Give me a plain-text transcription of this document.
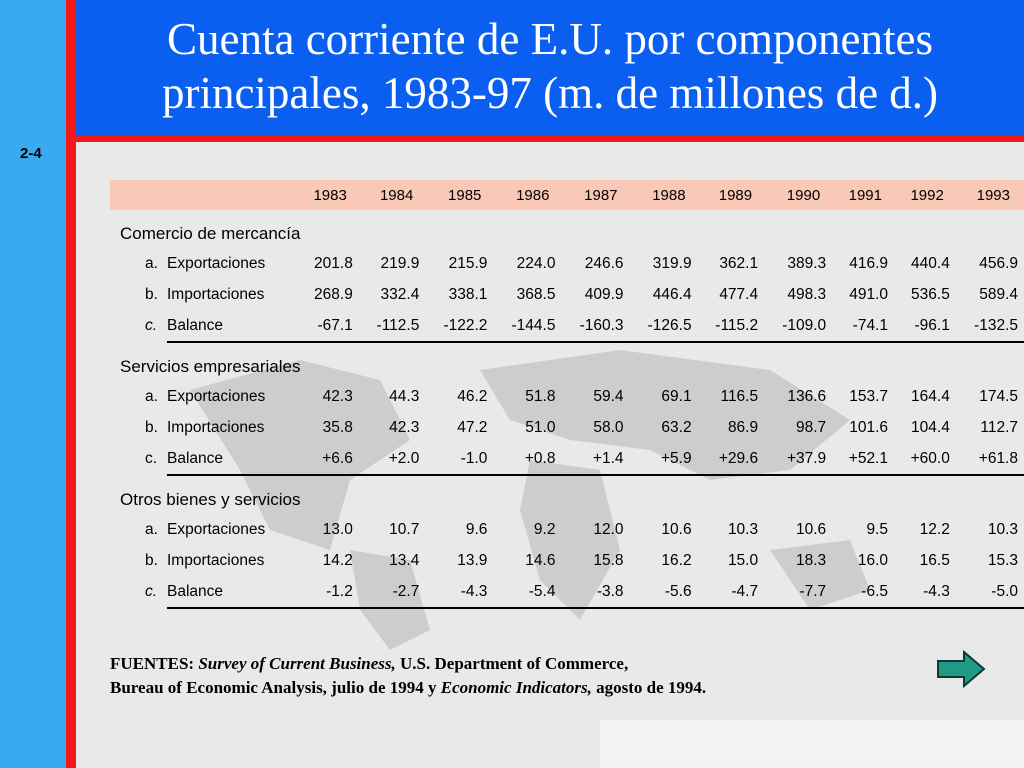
Cuenta corriente de E.U. por componentes
principales, 1983-97 (m. de millones de d.)
2-4
		1983	1984	1985	1986	1987	1988	1989	1990	1991	1992	1993

Comercio de mercancía												
a.	Exportaciones	201.8	219.9	215.9	224.0	246.6	319.9	362.1	389.3	416.9	440.4	456.9
b.	Importaciones	268.9	332.4	338.1	368.5	409.9	446.4	477.4	498.3	491.0	536.5	589.4
c.	Balance	-67.1	-112.5	-122.2	-144.5	-160.3	-126.5	-115.2	-109.0	-74.1	-96.1	-132.5

Servicios empresariales												
a.	Exportaciones	42.3	44.3	46.2	51.8	59.4	69.1	116.5	136.6	153.7	164.4	174.5
b.	Importaciones	35.8	42.3	47.2	51.0	58.0	63.2	86.9	98.7	101.6	104.4	112.7
c.	Balance	+6.6	+2.0	-1.0	+0.8	+1.4	+5.9	+29.6	+37.9	+52.1	+60.0	+61.8

Otros bienes y servicios												
a.	Exportaciones	13.0	10.7	9.6	9.2	12.0	10.6	10.3	10.6	9.5	12.2	10.3
b.	Importaciones	14.2	13.4	13.9	14.6	15.8	16.2	15.0	18.3	16.0	16.5	15.3
c.	Balance	-1.2	-2.7	-4.3	-5.4	-3.8	-5.6	-4.7	-7.7	-6.5	-4.3	-5.0
FUENTES: Survey of Current Business, U.S. Department of Commerce,
Bureau of Economic Analysis, julio de 1994 y Economic Indicators, agosto de 1994.
